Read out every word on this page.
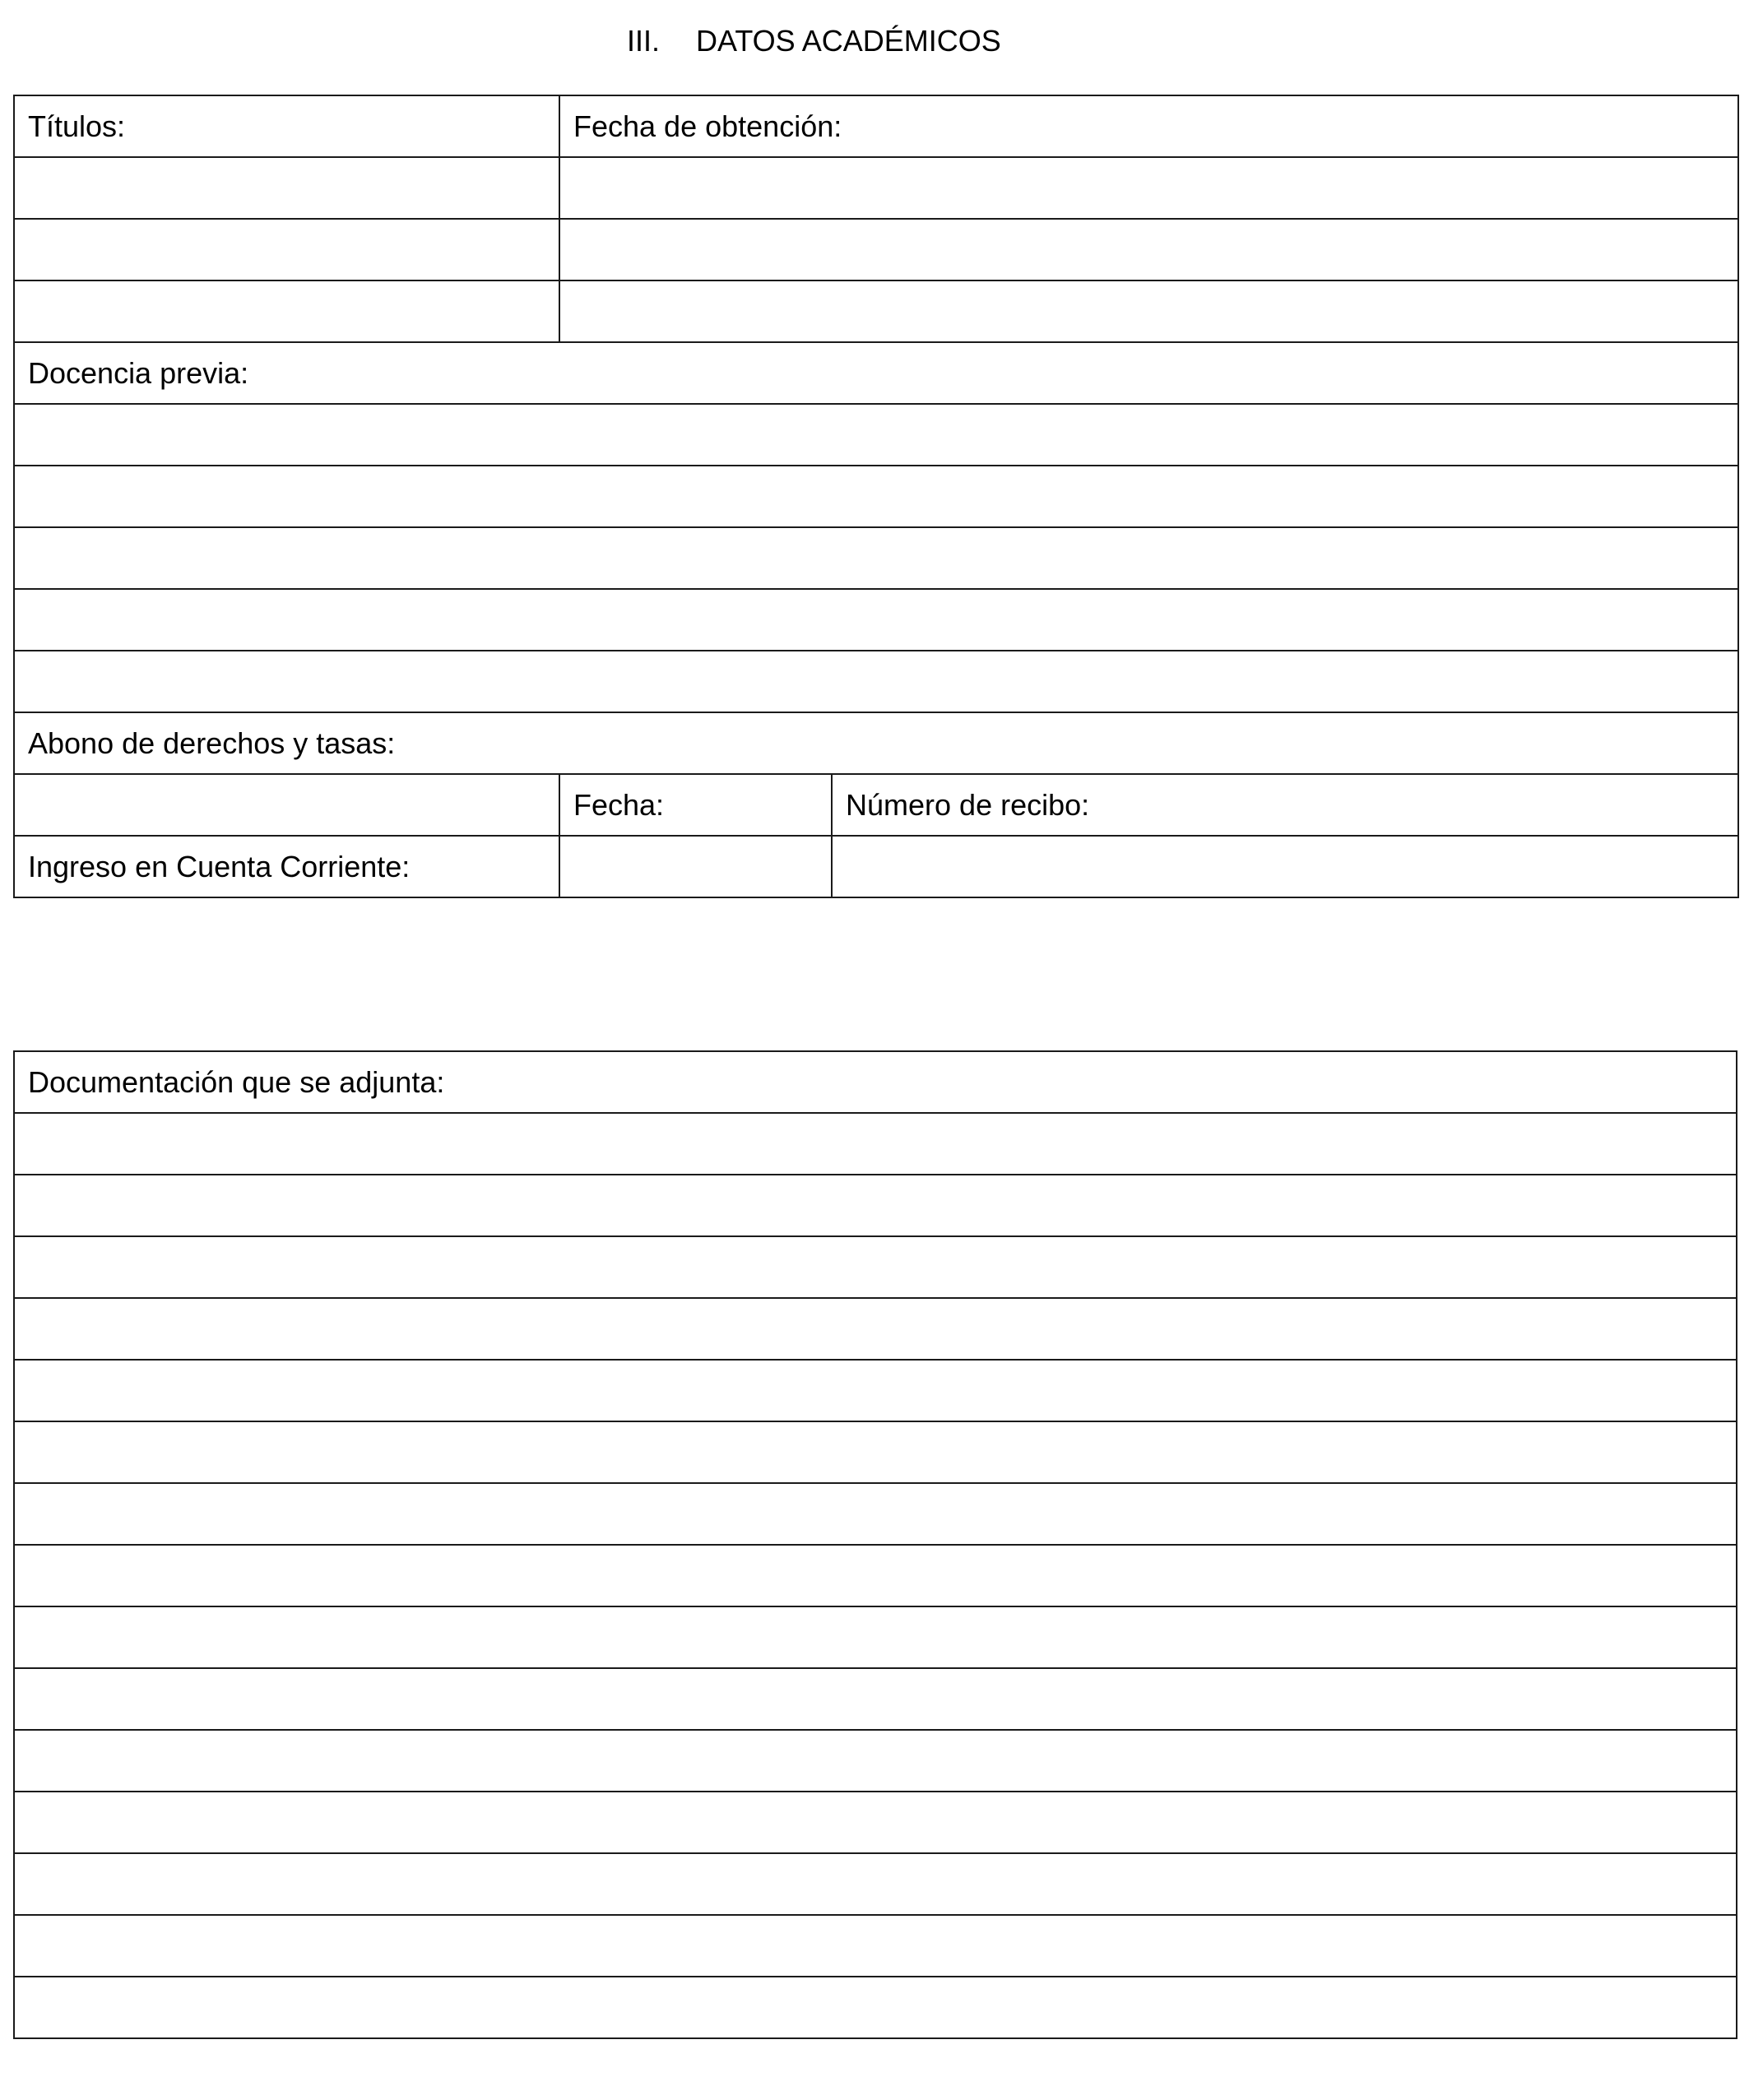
III. DATOS ACADÉMICOS
Títulos:	Fecha de obtención:	

Docencia previa:		

Abono de derechos y tasas:		
	Fecha:	Número de recibo:
Ingreso en Cuenta Corriente:		
Documentación que se adjunta:
